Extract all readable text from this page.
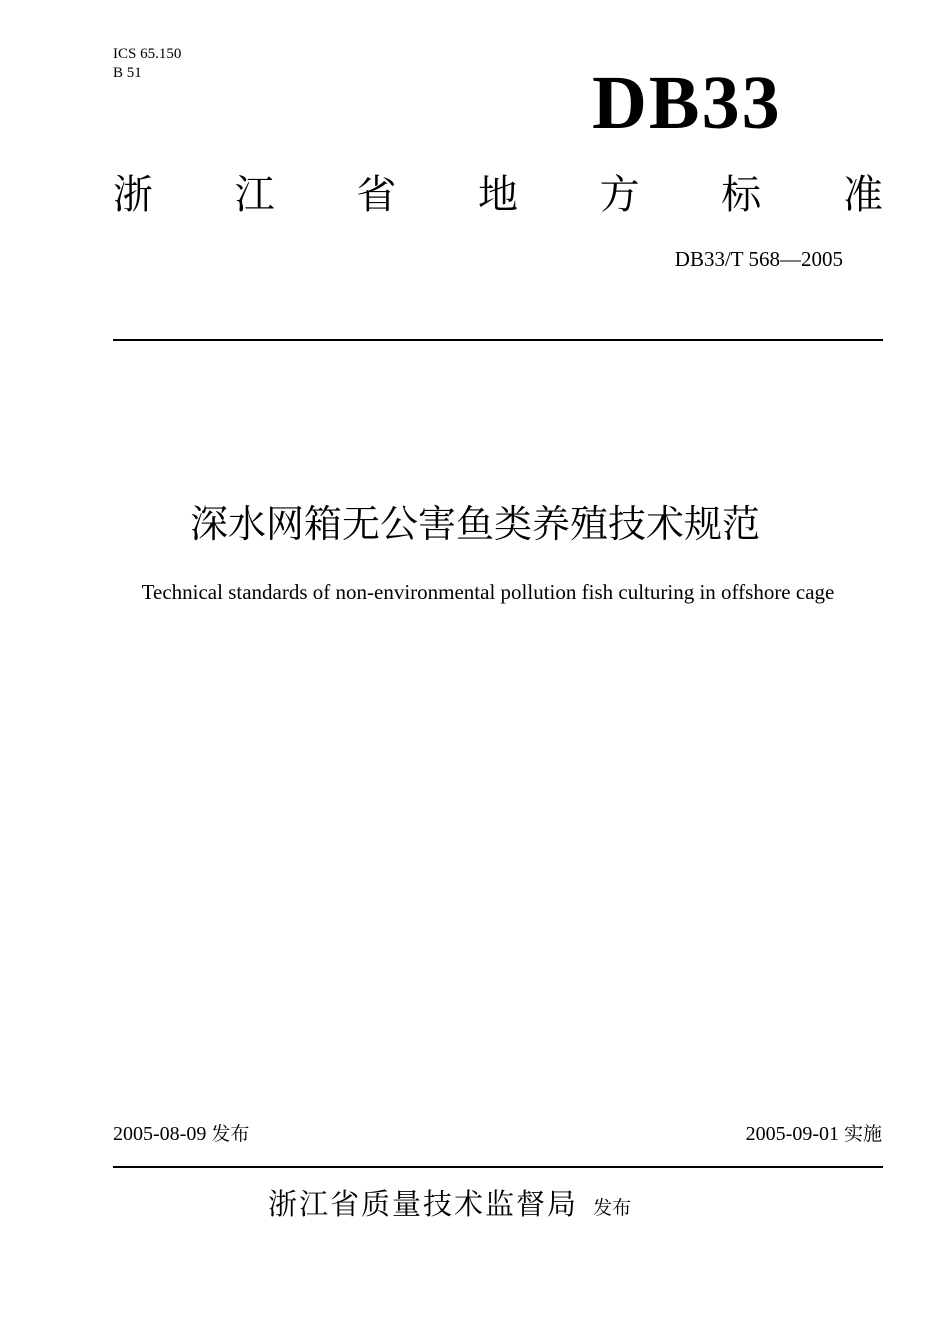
ICS 65.150
B 51	DB33
浙 江 省 地 方 标 准
DB33/T 568—2005
深水网箱无公害鱼类养殖技术规范
Technical standards of non-environmental pollution fish culturing in offshore cage
2005-08-09 发布	2005-09-01 实施
浙江省质量技术监督局 发布
